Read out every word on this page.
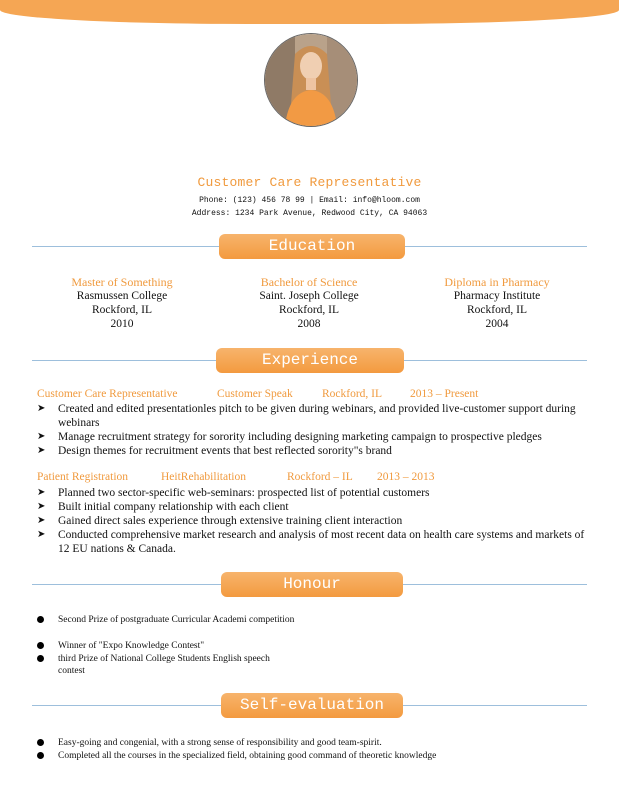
Customer Care Representative
Phone: (123) 456 78 99 | Email: info@hloom.com
Address: 1234 Park Avenue, Redwood City, CA 94063
Education
Master of Something
Rasmussen College
Rockford, IL
2010
Bachelor of Science
Saint. Joseph College
Rockford, IL
2008
Diploma in Pharmacy
Pharmacy Institute
Rockford, IL
2004
Experience
Customer Care Representative	Customer Speak	Rockford, IL 2013 – Present
➤	Created and edited presentationles pitch to be given during webinars, and provided live-customer support during webinars
➤	Manage recruitment strategy for sorority including designing marketing campaign to prospective pledges
➤	Design themes for recruitment events that best reflected sorority"s brand
Patient Registration	HeitRehabilitation	Rockford – IL 2013 – 2013
➤	Planned two sector-specific web-seminars: prospected list of potential customers
➤	Built initial company relationship with each client
➤	Gained direct sales experience through extensive training client interaction
➤	Conducted comprehensive market research and analysis of most recent data on health care systems and markets of 12 EU nations & Canada.
Honour
Second Prize of postgraduate Curricular Academi competition
Winner of "Expo Knowledge Contest"
third Prize of National College Students English speech contest
Self-evaluation
Easy-going and congenial, with a strong sense of responsibility and good team-spirit.
Completed all the courses in the specialized field, obtaining good command of theoretic knowledge
